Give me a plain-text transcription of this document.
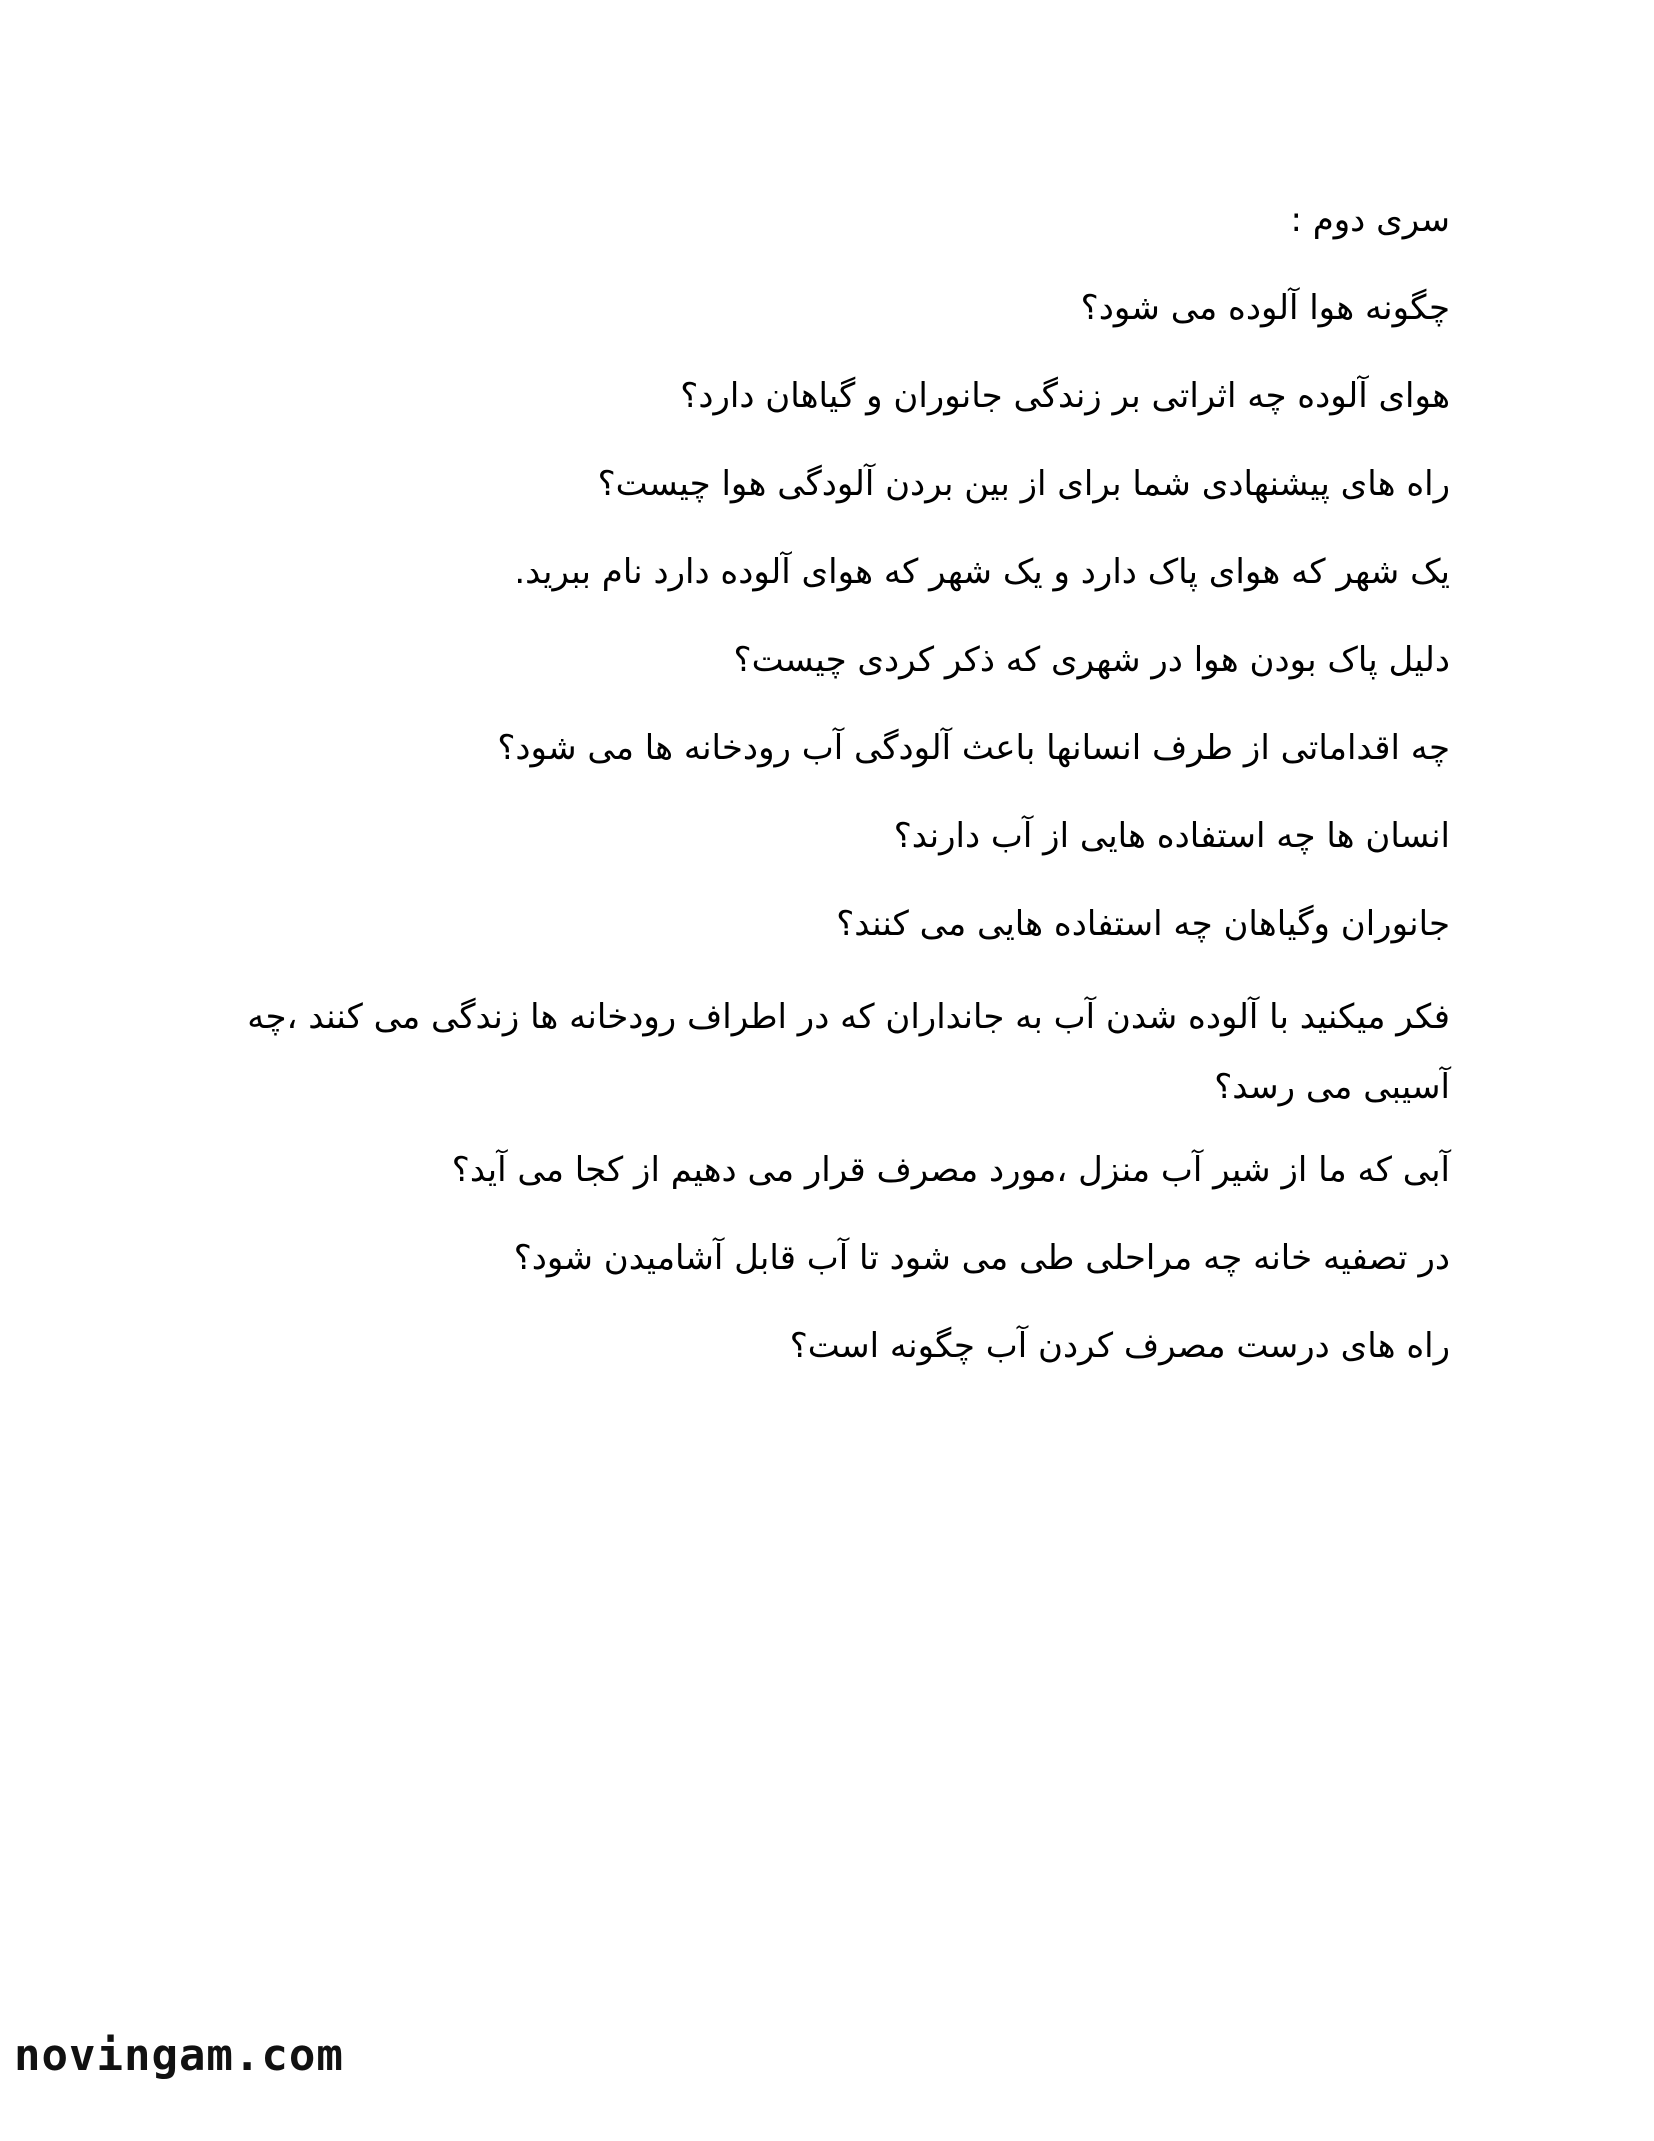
سری دوم :

چگونه هوا آلوده می شود؟

هوای آلوده چه اثراتی بر زندگی جانوران و گیاهان دارد؟

راه های پیشنهادی شما برای از بین بردن آلودگی هوا چیست؟

یک شهر که هوای پاک دارد و یک شهر که هوای آلوده دارد نام ببرید.

دلیل پاک بودن هوا در شهری که ذکر کردی چیست؟

چه اقداماتی از طرف انسانها باعث آلودگی آب رودخانه ها می شود؟

انسان ها چه استفاده هایی از آب دارند؟

جانوران وگیاهان چه استفاده هایی می کنند؟

فکر میکنید با آلوده شدن آب به جانداران که در اطراف رودخانه ها زندگی می کنند ،چه آسیبی می رسد؟

آبی که ما از شیر آب منزل ،مورد مصرف قرار می دهیم از کجا می آید؟

در تصفیه خانه چه مراحلی طی می شود تا آب قابل آشامیدن شود؟

راه های درست مصرف کردن آب چگونه است؟

novingam.com
